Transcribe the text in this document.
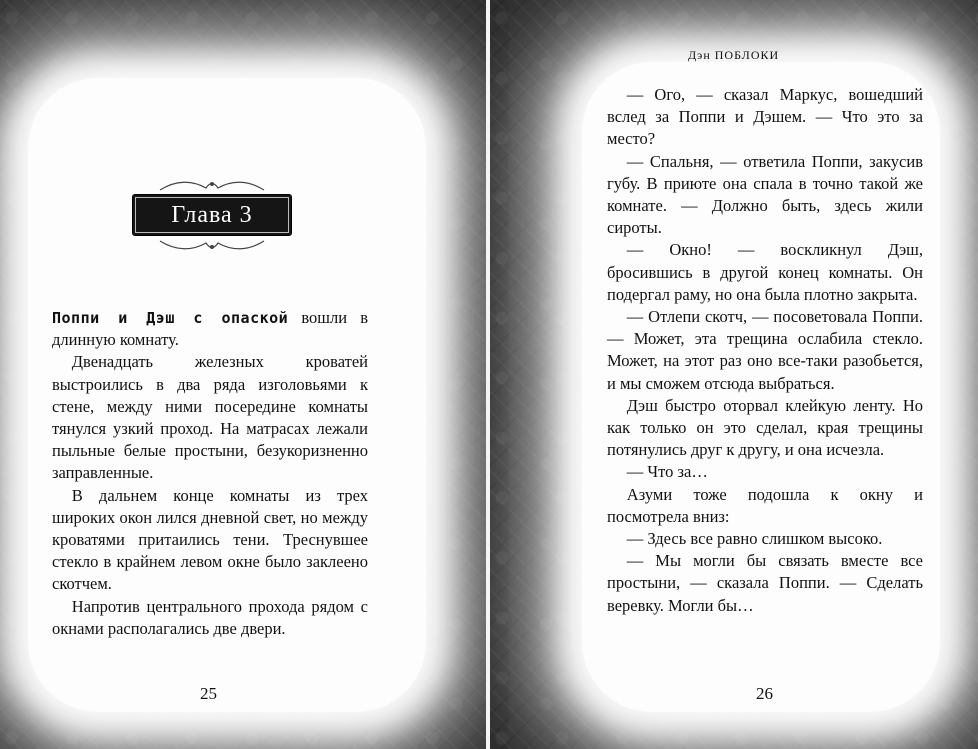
Глава 3

Поппи и Дэш с опаской вошли в длинную комнату.

Двенадцать железных кроватей выстроились в два ряда изголовьями к стене, между ними посередине комнаты тянулся узкий проход. На матрасах лежали пыльные белые простыни, безукоризненно заправленные.

В дальнем конце комнаты из трех широких окон лился дневной свет, но между кроватями притаились тени. Треснувшее стекло в крайнем левом окне было заклеено скотчем.

Напротив центрального прохода рядом с окнами располагались две двери.

25
Дэн ПОБЛОКИ

— Ого, — сказал Маркус, вошедший вслед за Поппи и Дэшем. — Что это за место?

— Спальня, — ответила Поппи, закусив губу. В приюте она спала в точно такой же комнате. — Должно быть, здесь жили сироты.

— Окно! — воскликнул Дэш, бросившись в другой конец комнаты. Он подергал раму, но она была плотно закрыта.

— Отлепи скотч, — посоветовала Поппи. — Может, эта трещина ослабила стекло. Может, на этот раз оно все-таки разобьется, и мы сможем отсюда выбраться.

Дэш быстро оторвал клейкую ленту. Но как только он это сделал, края трещины потянулись друг к другу, и она исчезла.

— Что за…

Азуми тоже подошла к окну и посмотрела вниз:

— Здесь все равно слишком высоко.

— Мы могли бы связать вместе все простыни, — сказала Поппи. — Сделать веревку. Могли бы…

26
